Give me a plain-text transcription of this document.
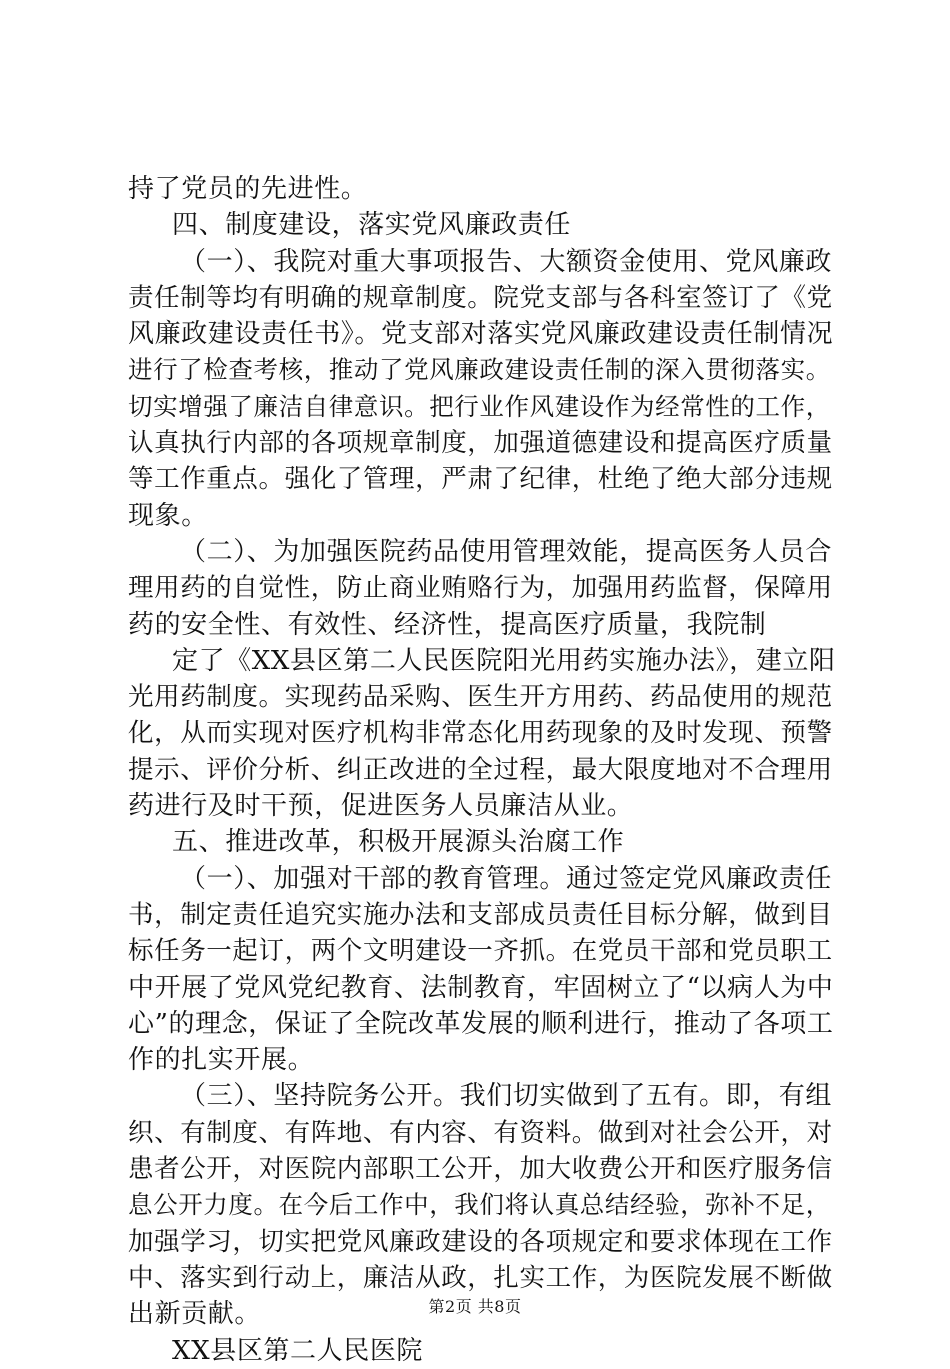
持了党员的先进性。
四、制度建设，落实党风廉政责任
（一）、我院对重大事项报告、大额资金使用、党风廉政
责任制等均有明确的规章制度。院党支部与各科室签订了《党
风廉政建设责任书》。党支部对落实党风廉政建设责任制情况
进行了检查考核，推动了党风廉政建设责任制的深入贯彻落实。
切实增强了廉洁自律意识。把行业作风建设作为经常性的工作，
认真执行内部的各项规章制度，加强道德建设和提高医疗质量
等工作重点。强化了管理，严肃了纪律，杜绝了绝大部分违规
现象。
（二）、为加强医院药品使用管理效能，提高医务人员合
理用药的自觉性，防止商业贿赂行为，加强用药监督，保障用
药的安全性、有效性、经济性，提高医疗质量，我院制
定了《XX县区第二人民医院阳光用药实施办法》，建立阳
光用药制度。实现药品采购、医生开方用药、药品使用的规范
化，从而实现对医疗机构非常态化用药现象的及时发现、预警
提示、评价分析、纠正改进的全过程，最大限度地对不合理用
药进行及时干预，促进医务人员廉洁从业。
五、推进改革，积极开展源头治腐工作
（一）、加强对干部的教育管理。通过签定党风廉政责任
书，制定责任追究实施办法和支部成员责任目标分解，做到目
标任务一起订，两个文明建设一齐抓。在党员干部和党员职工
中开展了党风党纪教育、法制教育，牢固树立了“以病人为中
心”的理念，保证了全院改革发展的顺利进行，推动了各项工
作的扎实开展。
（三）、坚持院务公开。我们切实做到了五有。即，有组
织、有制度、有阵地、有内容、有资料。做到对社会公开，对
患者公开，对医院内部职工公开，加大收费公开和医疗服务信
息公开力度。在今后工作中，我们将认真总结经验，弥补不足，
加强学习，切实把党风廉政建设的各项规定和要求体现在工作
中、落实到行动上，廉洁从政，扎实工作，为医院发展不断做
出新贡献。
XX县区第二人民医院
第2页 共8页
